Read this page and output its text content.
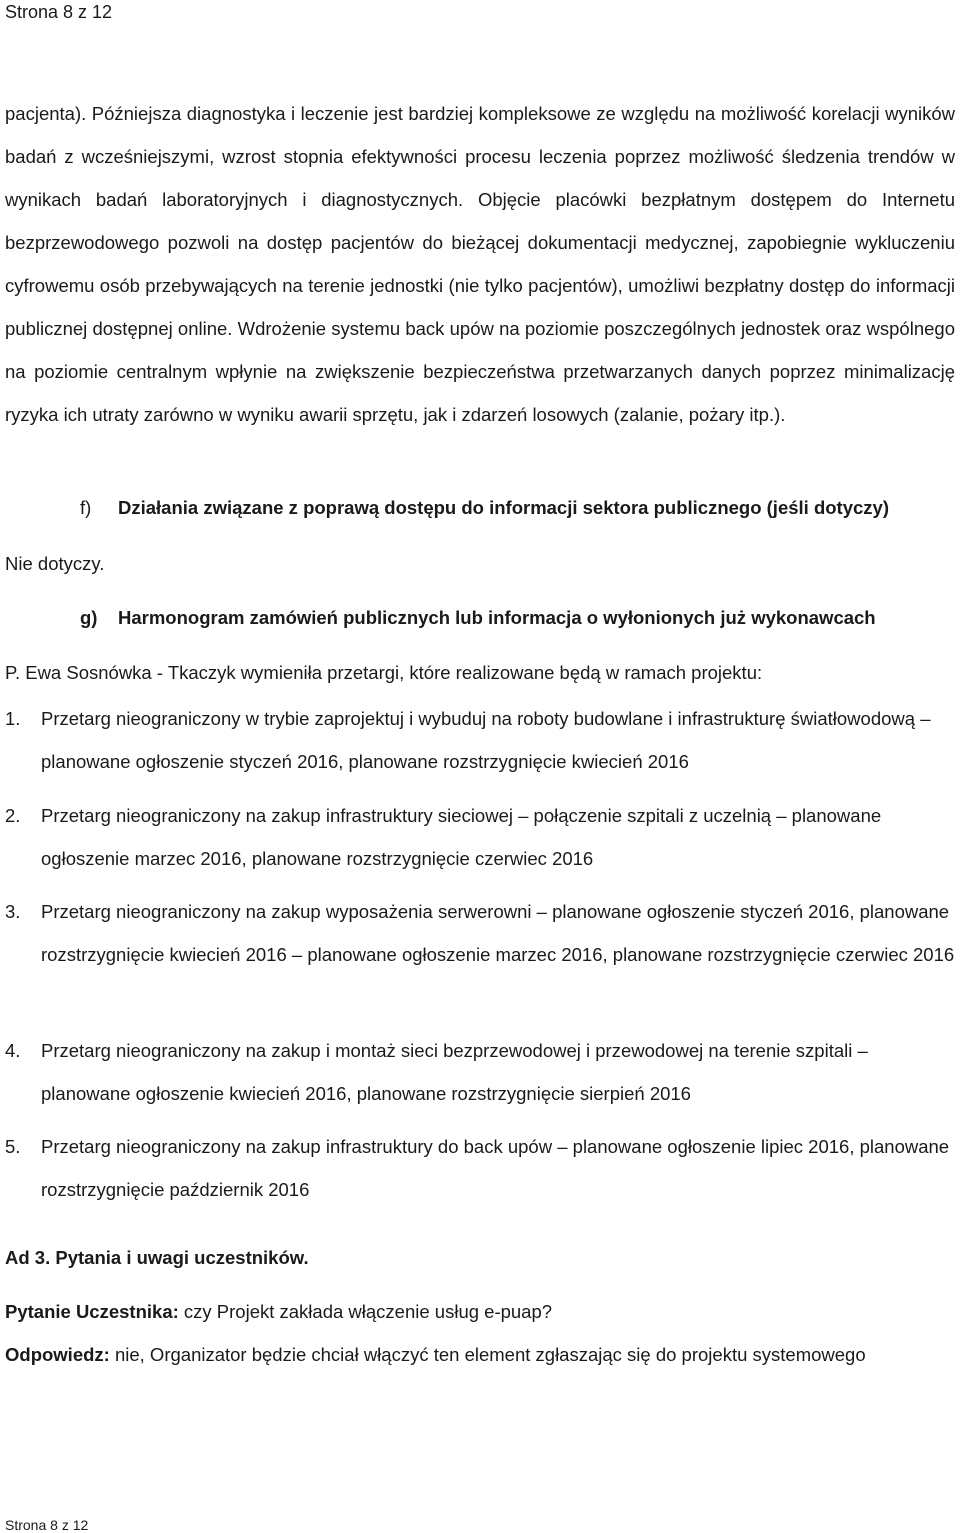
Strona 8 z 12

pacjenta). Późniejsza diagnostyka i leczenie jest bardziej kompleksowe ze względu na możliwość korelacji wyników badań z wcześniejszymi, wzrost stopnia efektywności procesu leczenia poprzez możliwość śledzenia trendów w wynikach badań laboratoryjnych i diagnostycznych. Objęcie placówki bezpłatnym dostępem do Internetu bezprzewodowego pozwoli na dostęp pacjentów do bieżącej dokumentacji medycznej, zapobiegnie wykluczeniu cyfrowemu osób przebywających na terenie jednostki (nie tylko pacjentów), umożliwi bezpłatny dostęp do informacji publicznej dostępnej online. Wdrożenie systemu back upów na poziomie poszczególnych jednostek oraz wspólnego na poziomie centralnym wpłynie na zwiększenie bezpieczeństwa przetwarzanych danych poprzez minimalizację ryzyka ich utraty zarówno w wyniku awarii sprzętu, jak i zdarzeń losowych (zalanie, pożary itp.).

f) Działania związane z poprawą dostępu do informacji sektora publicznego (jeśli dotyczy)
Nie dotyczy.
g) Harmonogram zamówień publicznych lub informacja o wyłonionych już wykonawcach
P. Ewa Sosnówka - Tkaczyk wymieniła przetargi, które realizowane będą w ramach projektu:
1. Przetarg nieograniczony w trybie zaprojektuj i wybuduj na roboty budowlane i infrastrukturę światłowodową – planowane ogłoszenie styczeń 2016, planowane rozstrzygnięcie kwiecień 2016

2. Przetarg nieograniczony na zakup infrastruktury sieciowej – połączenie szpitali z uczelnią – planowane ogłoszenie marzec 2016, planowane rozstrzygnięcie czerwiec 2016

3. Przetarg nieograniczony na zakup wyposażenia serwerowni – planowane ogłoszenie styczeń 2016, planowane rozstrzygnięcie kwiecień 2016 – planowane ogłoszenie marzec 2016, planowane rozstrzygnięcie czerwiec 2016

4. Przetarg nieograniczony na zakup i montaż sieci bezprzewodowej i przewodowej na terenie szpitali – planowane ogłoszenie kwiecień 2016, planowane rozstrzygnięcie sierpień 2016

5. Przetarg nieograniczony na zakup infrastruktury do back upów – planowane ogłoszenie lipiec 2016, planowane rozstrzygnięcie październik 2016

Ad 3. Pytania i uwagi uczestników.

Pytanie Uczestnika: czy Projekt zakłada włączenie usług e-puap?

Odpowiedz: nie, Organizator będzie chciał włączyć ten element zgłaszając się do projektu systemowego

Strona 8 z 12
